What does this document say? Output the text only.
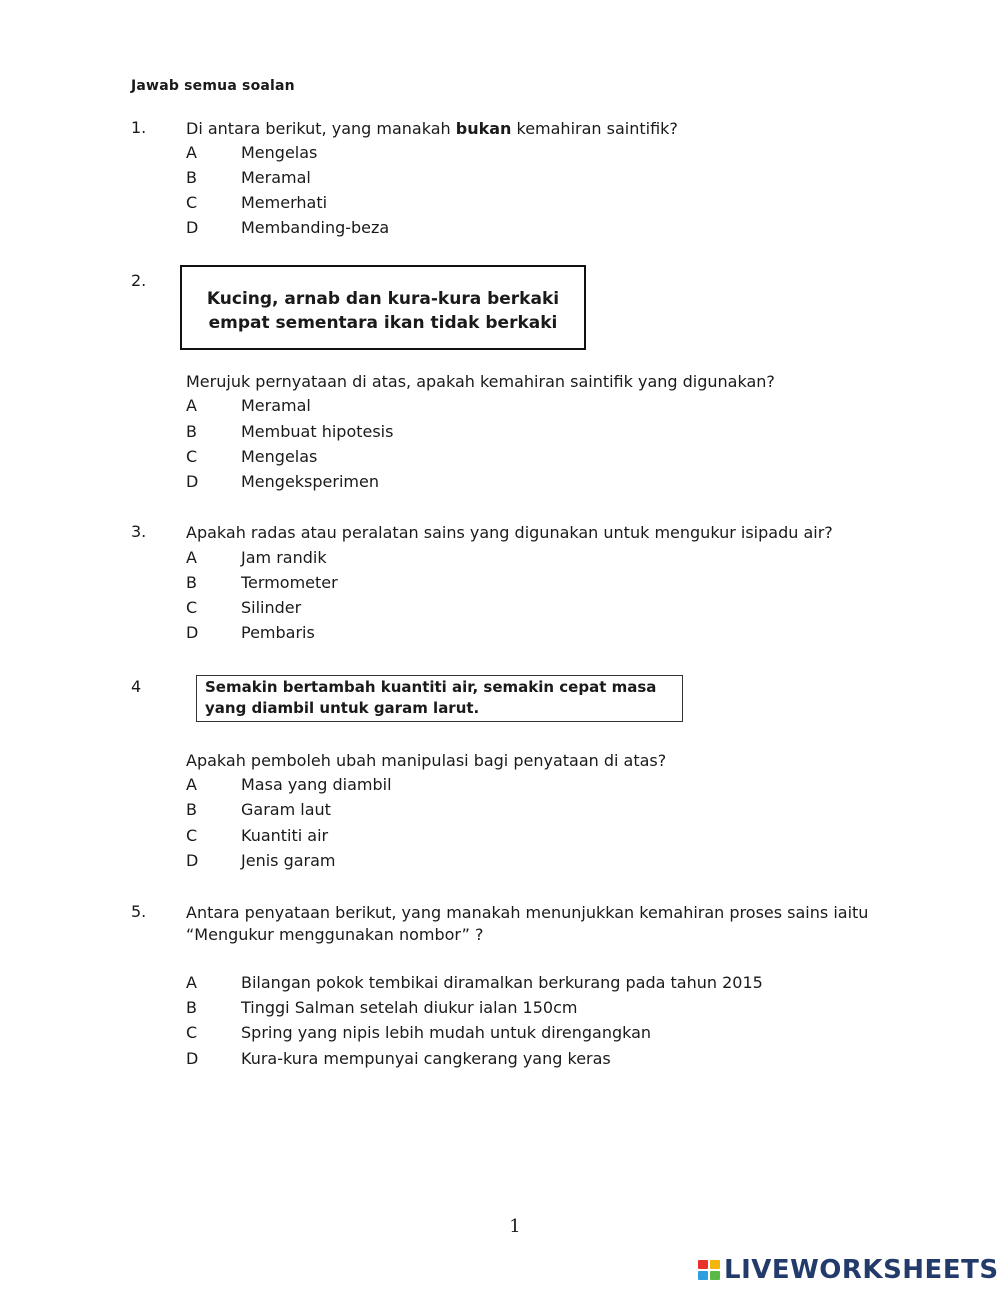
Jawab semua soalan
1. Di antara berikut, yang manakah bukan kemahiran saintifik?
A	Mengelas
B	Meramal
C	Memerhati
D	Membanding-beza
2.
Kucing, arnab dan kura-kura berkaki
empat sementara ikan tidak berkaki
Merujuk pernyataan di atas, apakah kemahiran saintifik yang digunakan?
A	Meramal
B	Membuat hipotesis
C	Mengelas
D	Mengeksperimen
3. Apakah radas atau peralatan sains yang digunakan untuk mengukur isipadu air?
A	Jam randik
B	Termometer
C	Silinder
D	Pembaris
4	Semakin bertambah kuantiti air, semakin cepat masa
yang diambil untuk garam larut.
Apakah pemboleh ubah manipulasi bagi penyataan di atas?
A	Masa yang diambil
B	Garam laut
C	Kuantiti air
D	Jenis garam
5. Antara penyataan berikut, yang manakah menunjukkan kemahiran proses sains iaitu
“Mengukur menggunakan nombor” ?
A	Bilangan pokok tembikai diramalkan berkurang pada tahun 2015
B	Tinggi Salman setelah diukur ialan 150cm
C	Spring yang nipis lebih mudah untuk direngangkan
D	Kura-kura mempunyai cangkerang yang keras
1
LIVEWORKSHEETS
